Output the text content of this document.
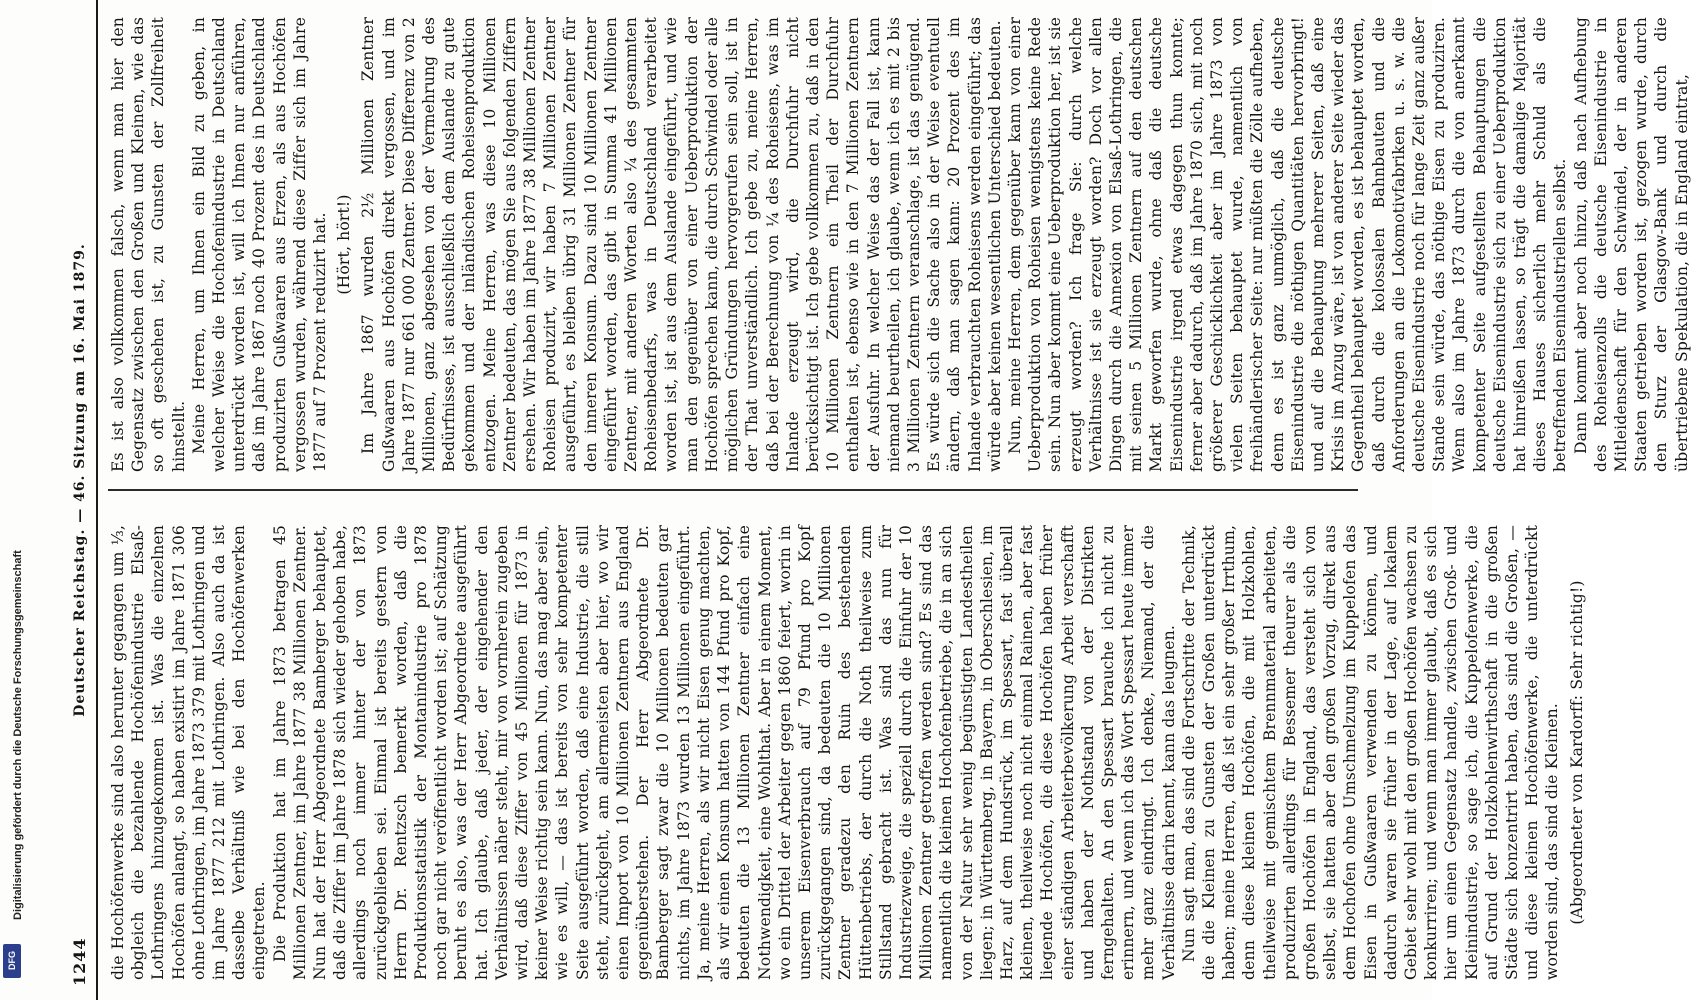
1244
Deutscher Reichstag. — 46. Sitzung am 16. Mai 1879.

die Hochöfenwerke sind also herunter gegangen um ⅓, obgleich die bezahlende Hochöfenindustrie Elsaß-Lothringens hinzugekommen ist. Was die einzelnen Hochöfen anlangt, so haben existirt im Jahre 1871 306 ohne Lothringen, im Jahre 1873 379 mit Lothringen und im Jahre 1877 212 mit Lothringen. Also auch da ist dasselbe Verhältniß wie bei den Hochöfenwerken eingetreten. Die Produktion hat im Jahre 1873 betragen 45 Millionen Zentner, im Jahre 1877 38 Millionen Zentner. Nun hat der Herr Abgeordnete Bamberger behauptet, daß die Ziffer im Jahre 1878 sich wieder gehoben habe, allerdings noch immer hinter der von 1873 zurückgeblieben sei. Einmal ist bereits gestern von Herrn Dr. Rentzsch bemerkt worden, daß die Produktionsstatistik der Montanindustrie pro 1878 noch gar nicht veröffentlicht worden ist; auf Schätzung beruht es also, was der Herr Abgeordnete ausgeführt hat. Ich glaube, daß jeder, der eingehender den Verhältnissen näher steht, mir von vornherein zugeben wird, daß diese Ziffer von 45 Millionen für 1873 in keiner Weise richtig sein kann. Nun, das mag aber sein, wie es will, — das ist bereits von sehr kompetenter Seite ausgeführt worden, daß eine Industrie, die still steht, zurückgeht, am allermeisten aber hier, wo wir einen Import von 10 Millionen Zentnern aus England gegenüberstehen. Der Herr Abgeordnete Dr. Bamberger sagt zwar die 10 Millionen bedeuten gar nichts, im Jahre 1873 wurden 13 Millionen eingeführt. Ja, meine Herren, als wir nicht Eisen genug machten, als wir einen Konsum hatten von 144 Pfund pro Kopf, bedeuten die 13 Millionen Zentner einfach eine Nothwendigkeit, eine Wohlthat. Aber in einem Moment, wo ein Drittel der Arbeiter gegen 1860 feiert, worin in unserem Eisenverbrauch auf 79 Pfund pro Kopf zurückgegangen sind, da bedeuten die 10 Millionen Zentner geradezu den Ruin des bestehenden Hüttenbetriebs, der durch die Noth theilweise zum Stillstand gebracht ist. Was sind das nun für Industriezweige, die speziell durch die Einfuhr der 10 Millionen Zentner getroffen werden sind? Es sind das namentlich die kleinen Hochofenbetriebe, die in an sich von der Natur sehr wenig begünstigten Landestheilen liegen; in Württemberg, in Bayern, in Oberschlesien, im Harz, auf dem Hundsrück, im Spessart, fast überall kleinen, theilweise noch nicht einmal Rainen, aber fast liegende Hochöfen, die diese Hochöfen haben früher einer ständigen Arbeiterbevölkerung Arbeit verschafft und haben der Nothstand von der Distrikten ferngehalten. An den Spessart brauche ich nicht zu erinnern, und wenn ich das Wort Spessart heute immer mehr ganz eindringt. Ich denke, Niemand, der die Verhältnisse darin kennt, kann das leugnen. Nun sagt man, das sind die Fortschritte der Technik, die die Kleinen zu Gunsten der Großen unterdrückt haben; meine Herren, daß ist ein sehr großer Irrthum, denn diese kleinen Hochöfen, die mit Holzkohlen, theilweise mit gemischtem Brennmaterial arbeiteten, produzirten allerdings für Bessemer theurer als die großen Hochöfen in England, das versteht sich von selbst, sie hatten aber den großen Vorzug, direkt aus dem Hochofen ohne Umschmelzung im Kuppelofen das Eisen in Gußwaaren verwenden zu können, und dadurch waren sie früher in der Lage, auf lokalem Gebiet sehr wohl mit den großen Hochöfen wachsen zu konkurriren; und wenn man immer glaubt, daß es sich hier um einen Gegensatz handle, zwischen Groß- und Kleinindustrie, so sage ich, die Kuppelofenwerke, die auf Grund der Holzkohlenwirthschaft in die großen Städte sich konzentrirt haben, das sind die Großen, — und diese kleinen Hochöfenwerke, die unterdrückt worden sind, das sind die Kleinen. (Abgeordneter von Kardorff: Sehr richtig!)

Es ist also vollkommen falsch, wenn man hier den Gegensatz zwischen den Großen und Kleinen, wie das so oft geschehen ist, zu Gunsten der Zollfreiheit hinstellt. Meine Herren, um Ihnen ein Bild zu geben, in welcher Weise die Hochofenindustrie in Deutschland unterdrückt worden ist, will ich Ihnen nur anführen, daß im Jahre 1867 noch 40 Prozent des in Deutschland produzirten Gußwaaren aus Erzen, als aus Hochöfen vergossen wurden, während diese Ziffer sich im Jahre 1877 auf 7 Prozent reduzirt hat. (Hört, hört!) Im Jahre 1867 wurden 2½ Millionen Zentner Gußwaaren aus Hochöfen direkt vergossen, und im Jahre 1877 nur 661 000 Zentner. Diese Differenz von 2 Millionen, ganz abgesehen von der Vermehrung des Bedürfnisses, ist ausschließlich dem Auslande zu gute gekommen und der inländischen Roheisenproduktion entzogen. Meine Herren, was diese 10 Millionen Zentner bedeuten, das mögen Sie aus folgenden Ziffern ersehen. Wir haben im Jahre 1877 38 Millionen Zentner Roheisen produzirt, wir haben 7 Millionen Zentner ausgeführt, es bleiben übrig 31 Millionen Zentner für den inneren Konsum. Dazu sind 10 Millionen Zentner eingeführt worden, das gibt in Summa 41 Millionen Zentner, mit anderen Worten also ¼ des gesammten Roheisenbedarfs, was in Deutschland verarbeitet worden ist, ist aus dem Auslande eingeführt, und wie man den gegenüber von einer Ueberproduktion der Hochöfen sprechen kann, die durch Schwindel oder alle möglichen Gründungen hervorgerufen sein soll, ist in der That unverständlich. Ich gebe zu, meine Herren, daß bei der Berechnung von ¼ des Roheisens, was im Inlande erzeugt wird, die Durchfuhr nicht berücksichtigt ist. Ich gebe vollkommen zu, daß in den 10 Millionen Zentnern ein Theil der Durchfuhr enthalten ist, ebenso wie in den 7 Millionen Zentnern der Ausfuhr. In welcher Weise das der Fall ist, kann niemand beurtheilen, ich glaube, wenn ich es mit 2 bis 3 Millionen Zentnern veranschlage, ist das genügend. Es würde sich die Sache also in der Weise eventuell ändern, daß man sagen kann: 20 Prozent des im Inlande verbrauchten Roheisens werden eingeführt; das würde aber keinen wesentlichen Unterschied bedeuten. Nun, meine Herren, dem gegenüber kann von einer Ueberproduktion von Roheisen wenigstens keine Rede sein. Nun aber kommt eine Ueberproduktion her, ist sie erzeugt worden? Ich frage Sie: durch welche Verhältnisse ist sie erzeugt worden? Doch vor allen Dingen durch die Annexion von Elsaß-Lothringen, die mit seinen 5 Millionen Zentnern auf den deutschen Markt geworfen wurde, ohne daß die deutsche Eisenindustrie irgend etwas dagegen thun konnte; ferner aber dadurch, daß im Jahre 1870 sich, mit noch größerer Geschicklichkeit aber im Jahre 1873 von vielen Seiten behauptet wurde, namentlich von freihändlerischer Seite: nur müßten die Zölle aufheben, denn es ist ganz unmöglich, daß die deutsche Eisenindustrie die nöthigen Quantitäten hervorbringt! und auf die Behauptung mehrerer Seiten, daß eine Krisis im Anzug wäre, ist von anderer Seite wieder das Gegentheil behauptet worden, es ist behauptet worden, daß durch die kolossalen Bahnbauten und die Anforderungen an die Lokomotivfabriken u. s. w. die deutsche Eisenindustrie noch für lange Zeit ganz außer Stande sein würde, das nöthige Eisen zu produziren. Wenn also im Jahre 1873 durch die von anerkannt kompetenter Seite aufgestellten Behauptungen die deutsche Eisenindustrie sich zu einer Ueberproduktion hat hinreißen lassen, so trägt die damalige Majorität dieses Hauses sicherlich mehr Schuld als die betreffenden Eisenindustriellen selbst. Dann kommt aber noch hinzu, daß nach Aufhebung des Roheisenzolls die deutsche Eisenindustrie in Mitleidenschaft für den Schwindel, der in anderen Staaten getrieben worden ist, gezogen wurde, durch den Sturz der Glasgow-Bank und durch die übertriebene Spekulation, die in England eintrat,

Digitalisierung gefördert durch die Deutsche Forschungsgemeinschaft
DFG
